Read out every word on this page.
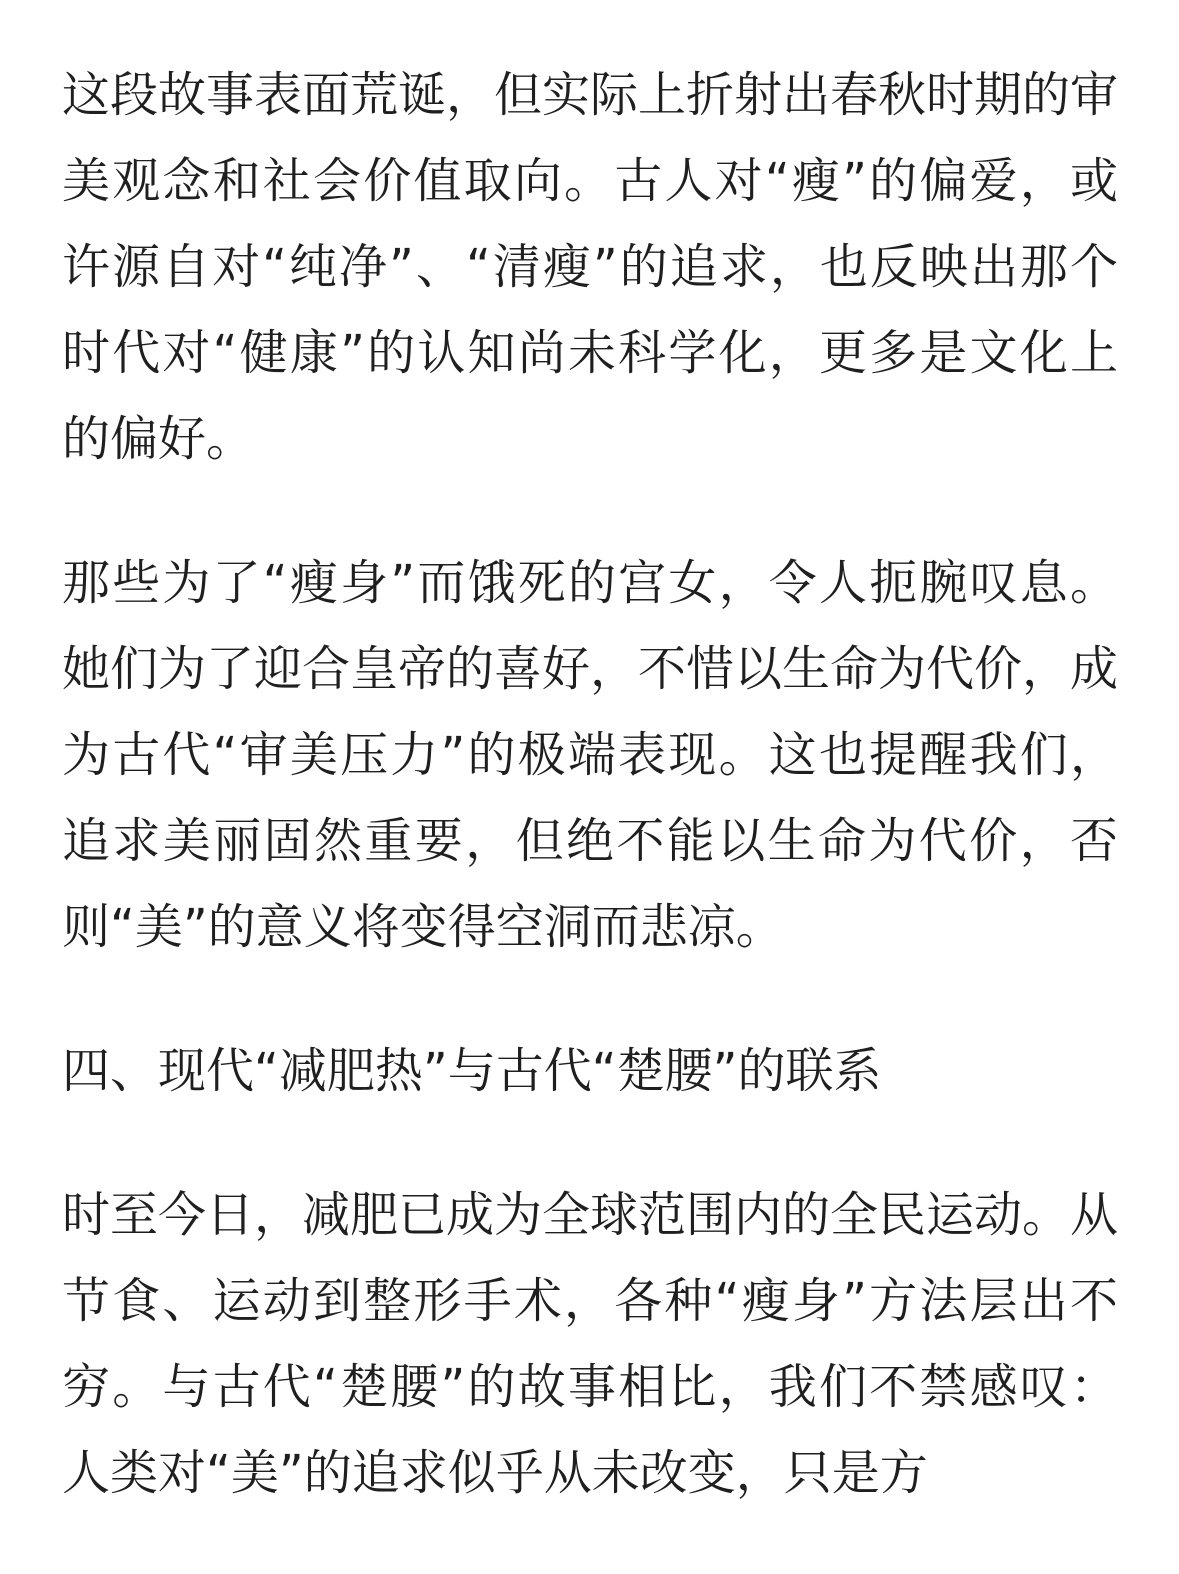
这段故事表面荒诞，但实际上折射出春秋时期的审美观念和社会价值取向。古人对“瘦”的偏爱，或许源自对“纯净”、“清瘦”的追求，也反映出那个时代对“健康”的认知尚未科学化，更多是文化上的偏好。

那些为了“瘦身”而饿死的宫女，令人扼腕叹息。她们为了迎合皇帝的喜好，不惜以生命为代价，成为古代“审美压力”的极端表现。这也提醒我们，追求美丽固然重要，但绝不能以生命为代价，否则“美”的意义将变得空洞而悲凉。

四、现代“减肥热”与古代“楚腰”的联系

时至今日，减肥已成为全球范围内的全民运动。从节食、运动到整形手术，各种“瘦身”方法层出不穷。与古代“楚腰”的故事相比，我们不禁感叹：人类对“美”的追求似乎从未改变，只是方
